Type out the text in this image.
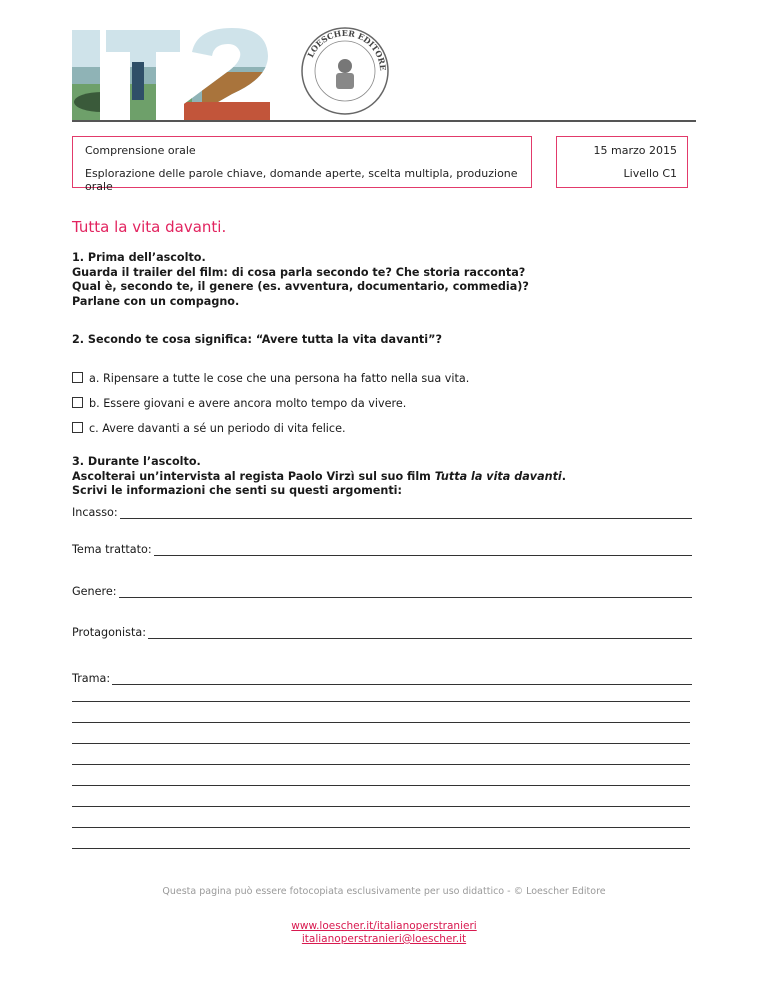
IT2
LOESCHER EDITORE
Comprensione orale
Esplorazione delle parole chiave, domande aperte, scelta multipla, produzione orale
15 marzo 2015
Livello C1
Tutta la vita davanti.
1. Prima dell’ascolto.
Guarda il trailer del film: di cosa parla secondo te? Che storia racconta?
Qual è, secondo te, il genere (es. avventura, documentario, commedia)?
Parlane con un compagno.
2. Secondo te cosa significa: “Avere tutta la vita davanti”?
a. Ripensare a tutte le cose che una persona ha fatto nella sua vita.
b. Essere giovani e avere ancora molto tempo da vivere.
c. Avere davanti a sé un periodo di vita felice.
3. Durante l’ascolto.
Ascolterai un’intervista al regista Paolo Virzì sul suo film Tutta la vita davanti.
Scrivi le informazioni che senti su questi argomenti:
Incasso:
Tema trattato:
Genere:
Protagonista:
Trama:
Questa pagina può essere fotocopiata esclusivamente per uso didattico - © Loescher Editore
www.loescher.it/italianoperstranieri
italianoperstranieri@loescher.it
